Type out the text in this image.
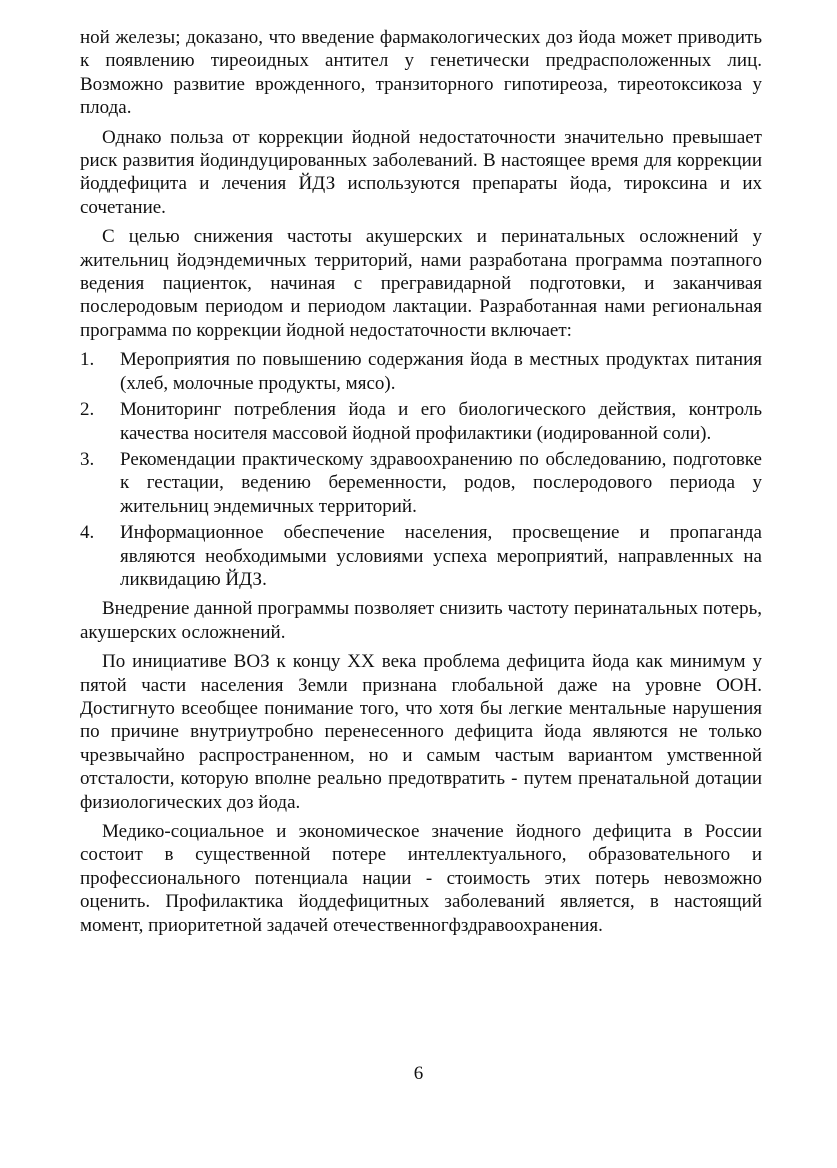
ной железы; доказано, что введение фармакологических доз йода может приводить к появлению тиреоидных антител у генетически предрасположенных лиц. Возможно развитие врожденного, транзиторного гипотиреоза, тиреотоксикоза у плода.

Однако польза от коррекции йодной недостаточности значительно превышает риск развития йодиндуцированных заболеваний. В настоящее время для коррекции йоддефицита и лечения ЙДЗ используются препараты йода, тироксина и их сочетание.

С целью снижения частоты акушерских и перинатальных осложнений у жительниц йодэндемичных территорий, нами разработана программа поэтапного ведения пациенток, начиная с прегравидарной подготовки, и заканчивая послеродовым периодом и периодом лактации. Разработанная нами региональная программа по коррекции йодной недостаточности включает:

1.	Мероприятия по повышению содержания йода в местных продуктах питания (хлеб, молочные продукты, мясо).
2.	Мониторинг потребления йода и его биологического действия, контроль качества носителя массовой йодной профилактики (иодированной соли).
3.	Рекомендации практическому здравоохранению по обследованию, подготовке к гестации, ведению беременности, родов, послеродового периода у жительниц эндемичных территорий.
4.	Информационное обеспечение населения, просвещение и пропаганда являются необходимыми условиями успеха мероприятий, направленных на ликвидацию ЙДЗ.

Внедрение данной программы позволяет снизить частоту перинатальных потерь, акушерских осложнений.

По инициативе ВОЗ к концу XX века проблема дефицита йода как минимум у пятой части населения Земли признана глобальной даже на уровне ООН. Достигнуто всеобщее понимание того, что хотя бы легкие ментальные нарушения по причине внутриутробно перенесенного дефицита йода являются не только чрезвычайно распространенном, но и самым частым вариантом умственной отсталости, которую вполне реально предотвратить - путем пренатальной дотации физиологических доз йода.

Медико-социальное и экономическое значение йодного дефицита в России состоит в существенной потере интеллектуального, образовательного и профессионального потенциала нации - стоимость этих потерь невозможно оценить. Профилактика йоддефицитных заболеваний является, в настоящий момент, приоритетной задачей отечественногфздравоохранения.

6
